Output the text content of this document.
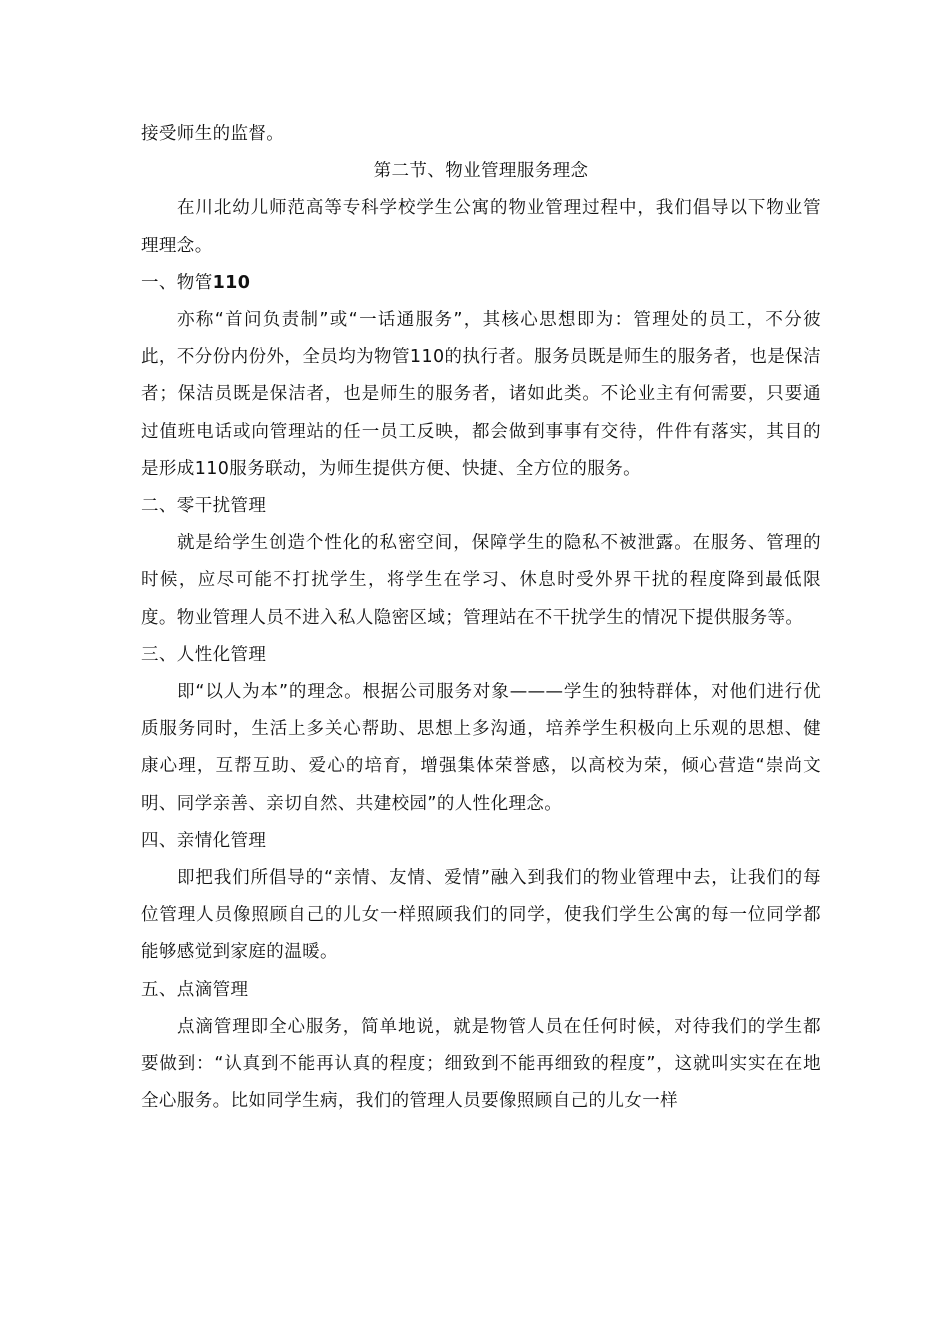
接受师生的监督。

第二节、物业管理服务理念

在川北幼儿师范高等专科学校学生公寓的物业管理过程中，我们倡导以下物业管理理念。

一、物管110

亦称“首问负责制”或“一话通服务”，其核心思想即为：管理处的员工，不分彼此，不分份内份外，全员均为物管110的执行者。服务员既是师生的服务者，也是保洁者；保洁员既是保洁者，也是师生的服务者，诸如此类。不论业主有何需要，只要通过值班电话或向管理站的任一员工反映，都会做到事事有交待，件件有落实，其目的是形成110服务联动，为师生提供方便、快捷、全方位的服务。

二、零干扰管理

就是给学生创造个性化的私密空间，保障学生的隐私不被泄露。在服务、管理的时候，应尽可能不打扰学生，将学生在学习、休息时受外界干扰的程度降到最低限度。物业管理人员不进入私人隐密区域；管理站在不干扰学生的情况下提供服务等。

三、人性化管理

即“以人为本”的理念。根据公司服务对象———学生的独特群体，对他们进行优质服务同时，生活上多关心帮助、思想上多沟通，培养学生积极向上乐观的思想、健康心理，互帮互助、爱心的培育，增强集体荣誉感，以高校为荣，倾心营造“崇尚文明、同学亲善、亲切自然、共建校园”的人性化理念。

四、亲情化管理

即把我们所倡导的“亲情、友情、爱情”融入到我们的物业管理中去，让我们的每位管理人员像照顾自己的儿女一样照顾我们的同学，使我们学生公寓的每一位同学都能够感觉到家庭的温暖。

五、点滴管理

点滴管理即全心服务，简单地说，就是物管人员在任何时候，对待我们的学生都要做到：“认真到不能再认真的程度；细致到不能再细致的程度”，这就叫实实在在地全心服务。比如同学生病，我们的管理人员要像照顾自己的儿女一样
